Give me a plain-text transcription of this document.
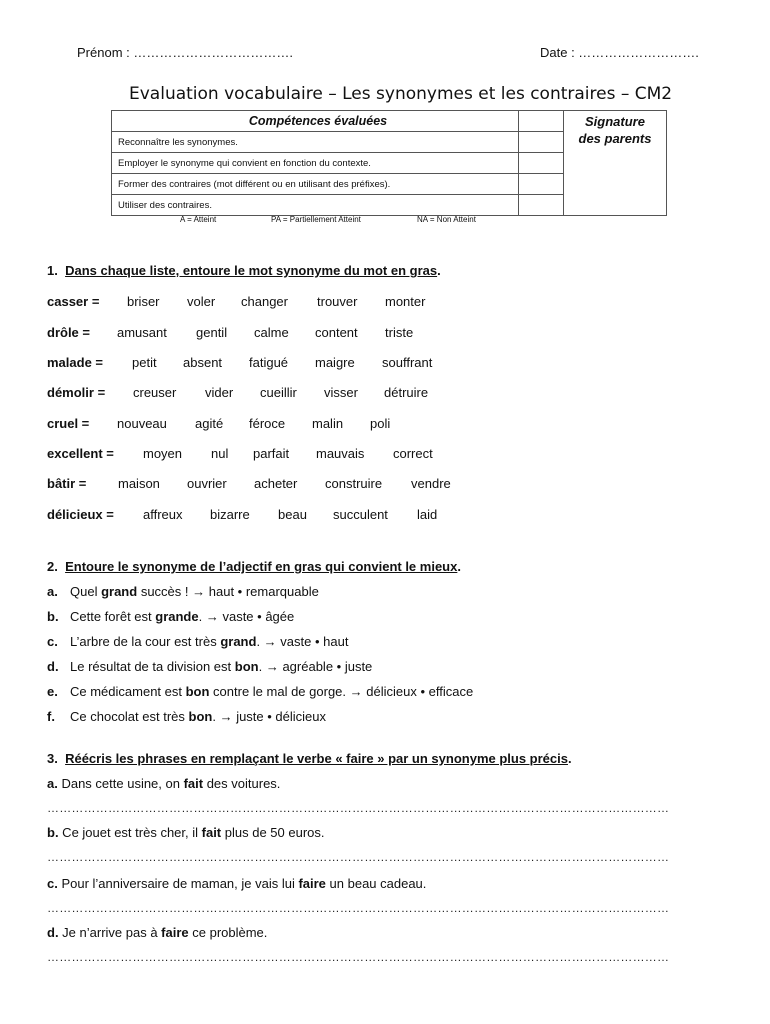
Prénom : ……………………………….	Date : ……………………….
Evaluation vocabulaire – Les synonymes et les contraires – CM2
Compétences évaluées		Signature
des parents
Reconnaître les synonymes.		
Employer le synonyme qui convient en fonction du contexte.		
Former des contraires (mot différent ou en utilisant des préfixes).		
Utiliser des contraires.		
A = Atteint	PA = Partiellement Atteint	NA = Non Atteint
1. Dans chaque liste, entoure le mot synonyme du mot en gras.
casser = briser voler changer trouver monter
drôle = amusant gentil calme content triste
malade = petit absent fatigué maigre souffrant
démolir = creuser vider cueillir visser détruire
cruel = nouveau agité féroce malin poli
excellent = moyen nul parfait mauvais correct
bâtir = maison ouvrier acheter construire vendre
délicieux = affreux bizarre beau succulent laid
2. Entoure le synonyme de l’adjectif en gras qui convient le mieux.
a. Quel grand succès ! → haut • remarquable
b. Cette forêt est grande. → vaste • âgée
c. L’arbre de la cour est très grand. → vaste • haut
d. Le résultat de ta division est bon. → agréable • juste
e. Ce médicament est bon contre le mal de gorge. → délicieux • efficace
f. Ce chocolat est très bon. → juste • délicieux
3. Réécris les phrases en remplaçant le verbe « faire » par un synonyme plus précis.
a. Dans cette usine, on fait des voitures.
………………………………………………………………………………………………………………………………………
b. Ce jouet est très cher, il fait plus de 50 euros.
………………………………………………………………………………………………………………………………………
c. Pour l’anniversaire de maman, je vais lui faire un beau cadeau.
………………………………………………………………………………………………………………………………………
d. Je n’arrive pas à faire ce problème.
………………………………………………………………………………………………………………………………………
